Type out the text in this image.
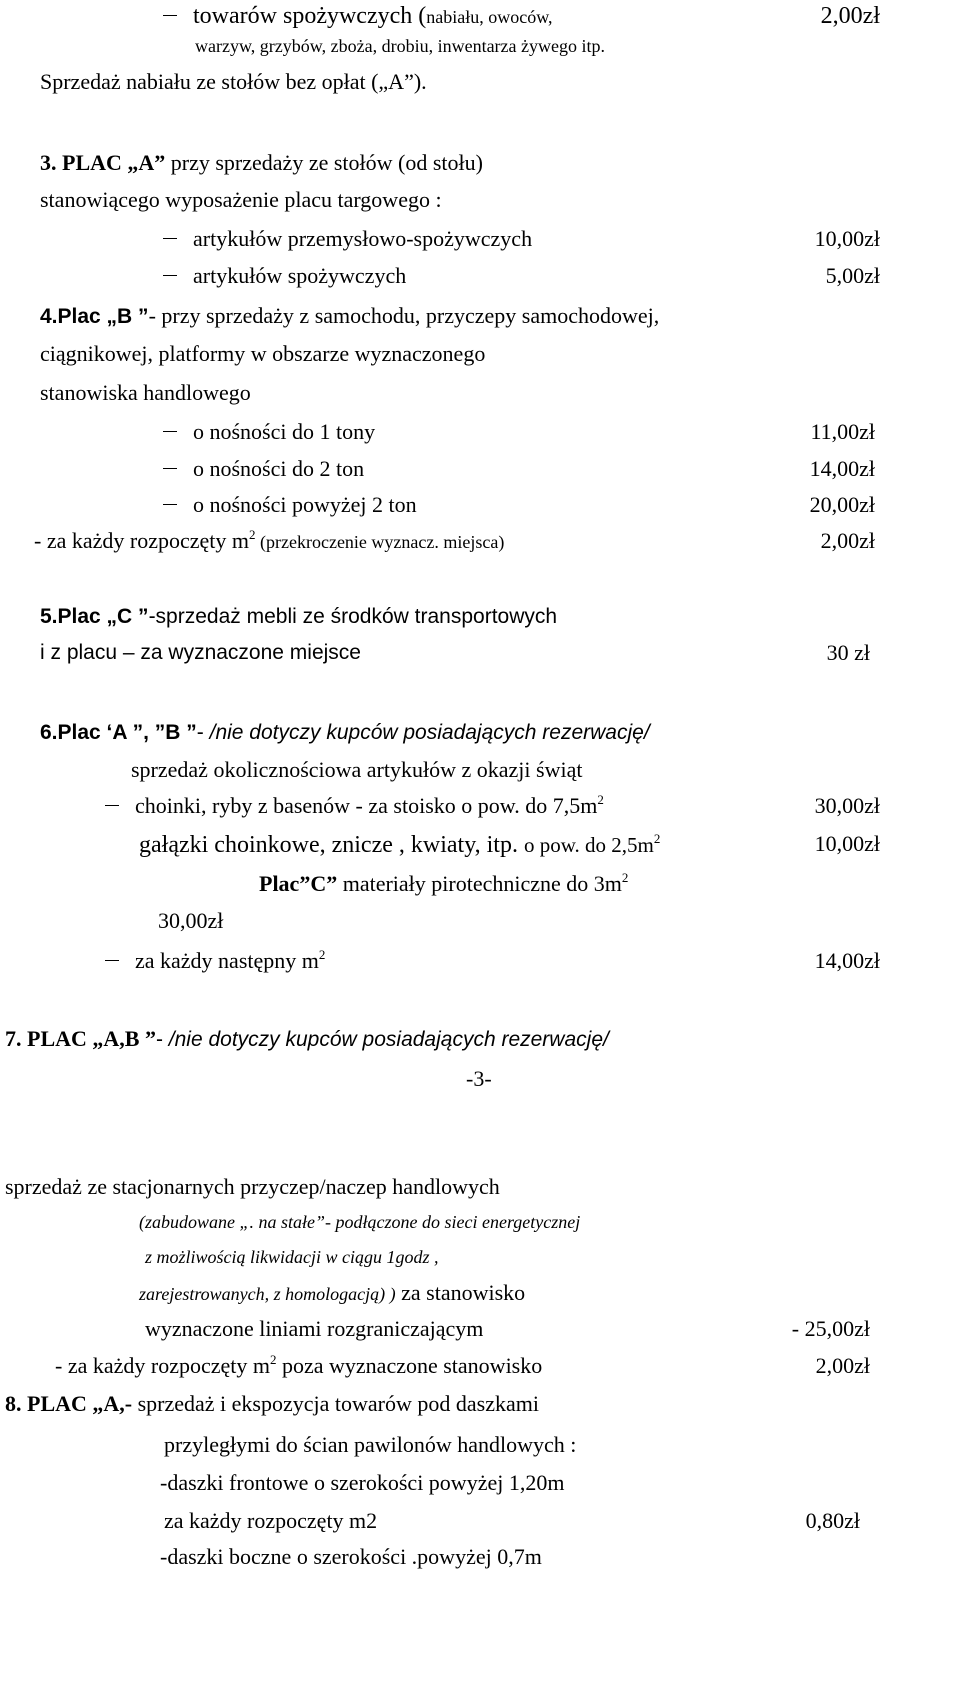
towarów spożywczych (nabiału, owoców,	2,00zł
warzyw, grzybów, zboża, drobiu, inwentarza żywego itp.
Sprzedaż nabiału ze stołów bez opłat („A”).
3. PLAC „A” przy sprzedaży ze stołów (od stołu)
stanowiącego wyposażenie placu targowego :
artykułów przemysłowo-spożywczych	10,00zł
artykułów spożywczych	5,00zł
4.Plac „B ”- przy sprzedaży z samochodu, przyczepy samochodowej,
ciągnikowej, platformy w obszarze wyznaczonego
stanowiska handlowego
o nośności do 1 tony	11,00zł
o nośności do 2 ton	14,00zł
o nośności powyżej 2 ton	20,00zł
- za każdy rozpoczęty $m^2$ (przekroczenie wyznacz. miejsca)	2,00zł
5.Plac „C ”-sprzedaż mebli ze środków transportowych
i z placu – za wyznaczone miejsce	30 zł
6.Plac ‘A ”, ”B ”- /nie dotyczy kupców posiadających rezerwację/
sprzedaż okolicznościowa artykułów z okazji świąt
choinki, ryby z basenów - za stoisko o pow. do $7,5m^2$	30,00zł
gałązki choinkowe, znicze , kwiaty, itp. o pow. do $2,5m^2$	10,00zł
Plac”C” materiały pirotechniczne do $3m^2$
30,00zł
za każdy następny $m^2$	14,00zł
7. PLAC „A,B ”- /nie dotyczy kupców posiadających rezerwację/
-3-
sprzedaż ze stacjonarnych przyczep/naczep handlowych
(zabudowane „. na stałe”- podłączone do sieci energetycznej
z możliwością likwidacji w ciągu 1godz ,
zarejestrowanych, z homologacją) ) za stanowisko
wyznaczone liniami rozgraniczającym	- 25,00zł
- za każdy rozpoczęty $m^2$ poza wyznaczone stanowisko	2,00zł
8. PLAC „A,- sprzedaż i ekspozycja towarów pod daszkami
przyległymi do ścian pawilonów handlowych :
-daszki frontowe o szerokości powyżej 1,20m
za każdy rozpoczęty m2	0,80zł
-daszki boczne o szerokości .powyżej 0,7m
